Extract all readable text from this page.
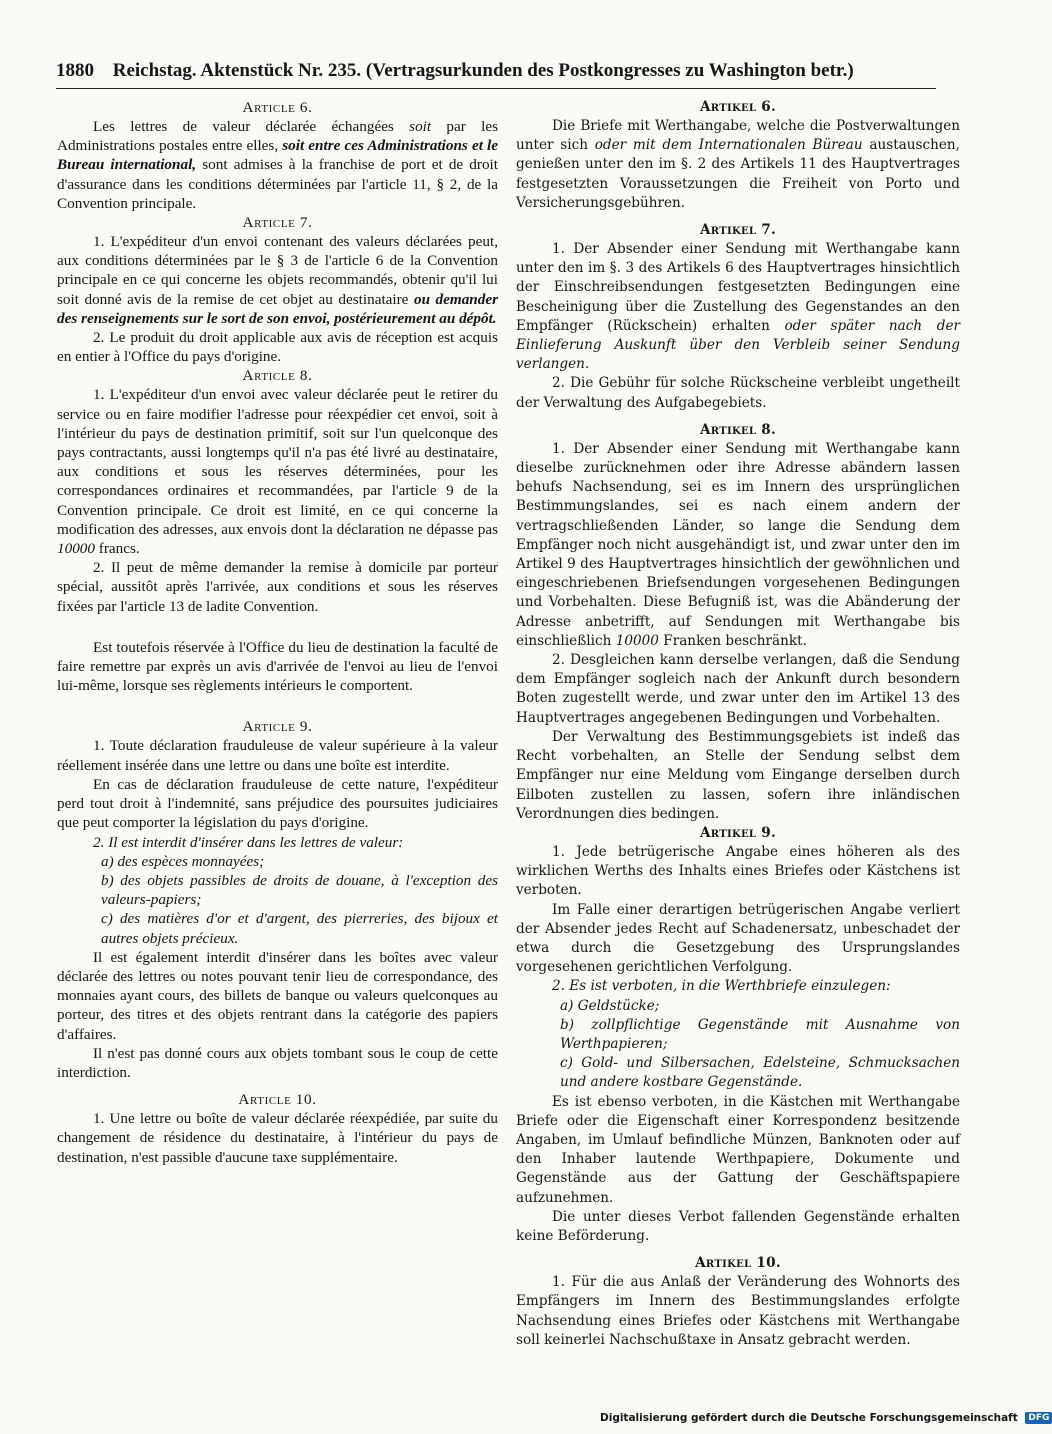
1880 Reichstag. Aktenstück Nr. 235. (Vertragsurkunden des Postkongresses zu Washington betr.)
Article 6.

Les lettres de valeur déclarée échangées soit par les Administrations postales entre elles, soit entre ces Administrations et le Bureau international, sont admises à la franchise de port et de droit d'assurance dans les conditions déterminées par l'article 11, § 2, de la Convention principale.

Article 7.

1. L'expéditeur d'un envoi contenant des valeurs déclarées peut, aux conditions déterminées par le § 3 de l'article 6 de la Convention principale en ce qui concerne les objets recommandés, obtenir qu'il lui soit donné avis de la remise de cet objet au destinataire ou demander des renseignements sur le sort de son envoi, postérieurement au dépôt.

2. Le produit du droit applicable aux avis de réception est acquis en entier à l'Office du pays d'origine.

Article 8.

1. L'expéditeur d'un envoi avec valeur déclarée peut le retirer du service ou en faire modifier l'adresse pour réexpédier cet envoi, soit à l'intérieur du pays de destination primitif, soit sur l'un quelconque des pays contractants, aussi longtemps qu'il n'a pas été livré au destinataire, aux conditions et sous les réserves déterminées, pour les correspondances ordinaires et recommandées, par l'article 9 de la Convention principale. Ce droit est limité, en ce qui concerne la modification des adresses, aux envois dont la déclaration ne dépasse pas 10000 francs.

2. Il peut de même demander la remise à domicile par porteur spécial, aussitôt après l'arrivée, aux conditions et sous les réserves fixées par l'article 13 de ladite Convention.

Est toutefois réservée à l'Office du lieu de destination la faculté de faire remettre par exprès un avis d'arrivée de l'envoi au lieu de l'envoi lui-même, lorsque ses règlements intérieurs le comportent.

Article 9.

1. Toute déclaration frauduleuse de valeur supérieure à la valeur réellement insérée dans une lettre ou dans une boîte est interdite.

En cas de déclaration frauduleuse de cette nature, l'expéditeur perd tout droit à l'indemnité, sans préjudice des poursuites judiciaires que peut comporter la législation du pays d'origine.

2. Il est interdit d'insérer dans les lettres de valeur:

a) des espèces monnayées;

b) des objets passibles de droits de douane, à l'exception des valeurs-papiers;

c) des matières d'or et d'argent, des pierreries, des bijoux et autres objets précieux.

Il est également interdit d'insérer dans les boîtes avec valeur déclarée des lettres ou notes pouvant tenir lieu de correspondance, des monnaies ayant cours, des billets de banque ou valeurs quelconques au porteur, des titres et des objets rentrant dans la catégorie des papiers d'affaires.

Il n'est pas donné cours aux objets tombant sous le coup de cette interdiction.

Article 10.

1. Une lettre ou boîte de valeur déclarée réexpédiée, par suite du changement de résidence du destinataire, à l'intérieur du pays de destination, n'est passible d'aucune taxe supplémentaire.

Artikel 6.

Die Briefe mit Werthangabe, welche die Postverwaltungen unter sich oder mit dem Internationalen Büreau austauschen, genießen unter den im §. 2 des Artikels 11 des Hauptvertrages festgesetzten Voraussetzungen die Freiheit von Porto und Versicherungsgebühren.

Artikel 7.

1. Der Absender einer Sendung mit Werthangabe kann unter den im §. 3 des Artikels 6 des Hauptvertrages hinsichtlich der Einschreibsendungen festgesetzten Bedingungen eine Bescheinigung über die Zustellung des Gegenstandes an den Empfänger (Rückschein) erhalten oder später nach der Einlieferung Auskunft über den Verbleib seiner Sendung verlangen.

2. Die Gebühr für solche Rückscheine verbleibt ungetheilt der Verwaltung des Aufgabegebiets.

Artikel 8.

1. Der Absender einer Sendung mit Werthangabe kann dieselbe zurücknehmen oder ihre Adresse abändern lassen behufs Nachsendung, sei es im Innern des ursprünglichen Bestimmungslandes, sei es nach einem andern der vertragschließenden Länder, so lange die Sendung dem Empfänger noch nicht ausgehändigt ist, und zwar unter den im Artikel 9 des Hauptvertrages hinsichtlich der gewöhnlichen und eingeschriebenen Briefsendungen vorgesehenen Bedingungen und Vorbehalten. Diese Befugniß ist, was die Abänderung der Adresse anbetrifft, auf Sendungen mit Werthangabe bis einschließlich 10000 Franken beschränkt.

2. Desgleichen kann derselbe verlangen, daß die Sendung dem Empfänger sogleich nach der Ankunft durch besondern Boten zugestellt werde, und zwar unter den im Artikel 13 des Hauptvertrages angegebenen Bedingungen und Vorbehalten.

Der Verwaltung des Bestimmungsgebiets ist indeß das Recht vorbehalten, an Stelle der Sendung selbst dem Empfänger nur eine Meldung vom Eingange derselben durch Eilboten zustellen zu lassen, sofern ihre inländischen Verordnungen dies bedingen.

Artikel 9.

1. Jede betrügerische Angabe eines höheren als des wirklichen Werths des Inhalts eines Briefes oder Kästchens ist verboten.

Im Falle einer derartigen betrügerischen Angabe verliert der Absender jedes Recht auf Schadenersatz, unbeschadet der etwa durch die Gesetzgebung des Ursprungslandes vorgesehenen gerichtlichen Verfolgung.

2. Es ist verboten, in die Werthbriefe einzulegen:

a) Geldstücke;

b) zollpflichtige Gegenstände mit Ausnahme von Werthpapieren;

c) Gold- und Silbersachen, Edelsteine, Schmucksachen und andere kostbare Gegenstände.

Es ist ebenso verboten, in die Kästchen mit Werthangabe Briefe oder die Eigenschaft einer Korrespondenz besitzende Angaben, im Umlauf befindliche Münzen, Banknoten oder auf den Inhaber lautende Werthpapiere, Dokumente und Gegenstände aus der Gattung der Geschäftspapiere aufzunehmen.

Die unter dieses Verbot fallenden Gegenstände erhalten keine Beförderung.

Artikel 10.

1. Für die aus Anlaß der Veränderung des Wohnorts des Empfängers im Innern des Bestimmungslandes erfolgte Nachsendung eines Briefes oder Kästchens mit Werthangabe soll keinerlei Nachschußtaxe in Ansatz gebracht werden.

Digitalisierung gefördert durch die Deutsche Forschungsgemeinschaft DFG
